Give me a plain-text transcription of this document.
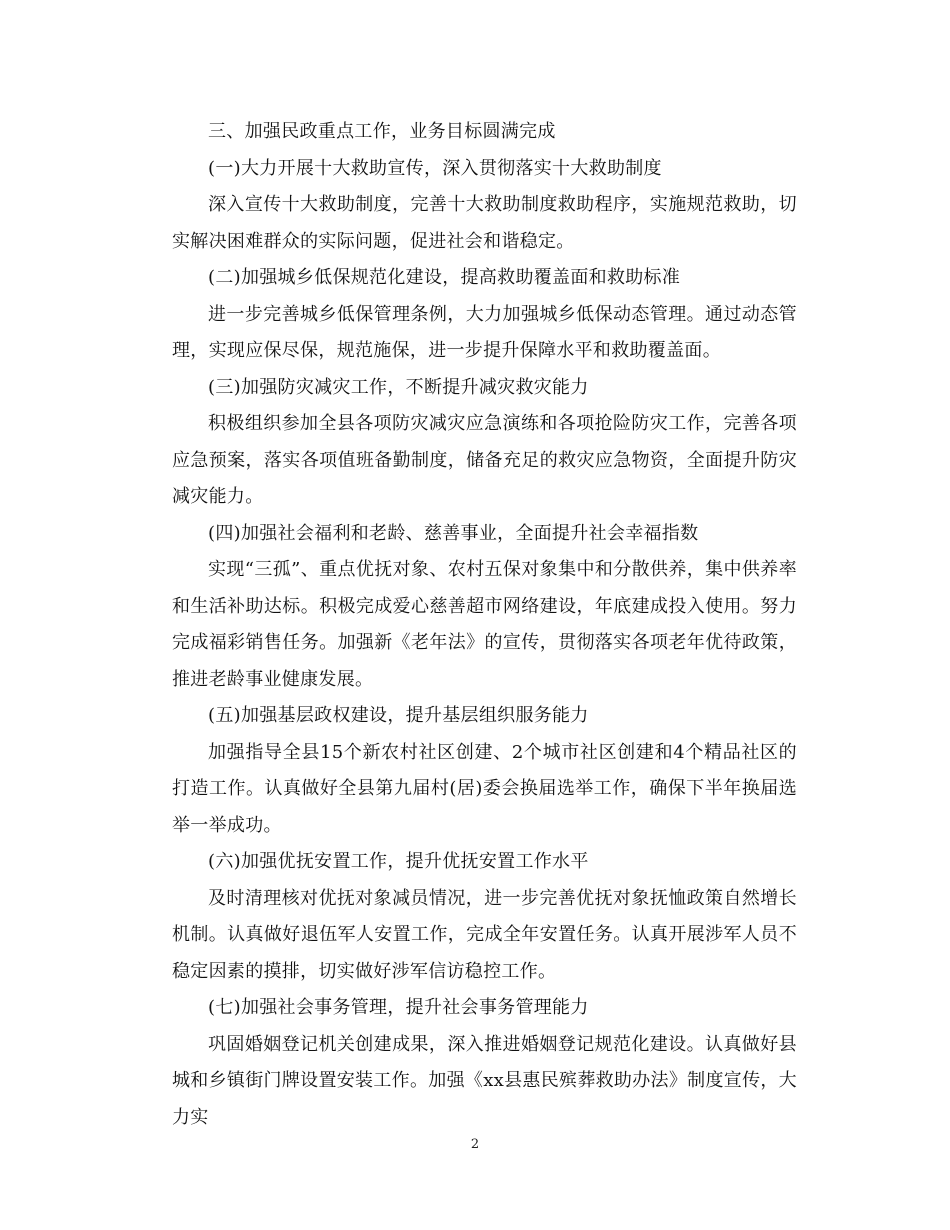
三、加强民政重点工作，业务目标圆满完成

(一)大力开展十大救助宣传，深入贯彻落实十大救助制度

深入宣传十大救助制度，完善十大救助制度救助程序，实施规范救助，切实解决困难群众的实际问题，促进社会和谐稳定。

(二)加强城乡低保规范化建设，提高救助覆盖面和救助标准

进一步完善城乡低保管理条例，大力加强城乡低保动态管理。通过动态管理，实现应保尽保，规范施保，进一步提升保障水平和救助覆盖面。

(三)加强防灾减灾工作，不断提升减灾救灾能力

积极组织参加全县各项防灾减灾应急演练和各项抢险防灾工作，完善各项应急预案，落实各项值班备勤制度，储备充足的救灾应急物资，全面提升防灾减灾能力。

(四)加强社会福利和老龄、慈善事业，全面提升社会幸福指数

实现“三孤”、重点优抚对象、农村五保对象集中和分散供养，集中供养率和生活补助达标。积极完成爱心慈善超市网络建设，年底建成投入使用。努力完成福彩销售任务。加强新《老年法》的宣传，贯彻落实各项老年优待政策，推进老龄事业健康发展。

(五)加强基层政权建设，提升基层组织服务能力

加强指导全县15个新农村社区创建、2个城市社区创建和4个精品社区的打造工作。认真做好全县第九届村(居)委会换届选举工作，确保下半年换届选举一举成功。

(六)加强优抚安置工作，提升优抚安置工作水平

及时清理核对优抚对象减员情况，进一步完善优抚对象抚恤政策自然增长机制。认真做好退伍军人安置工作，完成全年安置任务。认真开展涉军人员不稳定因素的摸排，切实做好涉军信访稳控工作。

(七)加强社会事务管理，提升社会事务管理能力

巩固婚姻登记机关创建成果，深入推进婚姻登记规范化建设。认真做好县城和乡镇街门牌设置安装工作。加强《xx县惠民殡葬救助办法》制度宣传，大力实

2
